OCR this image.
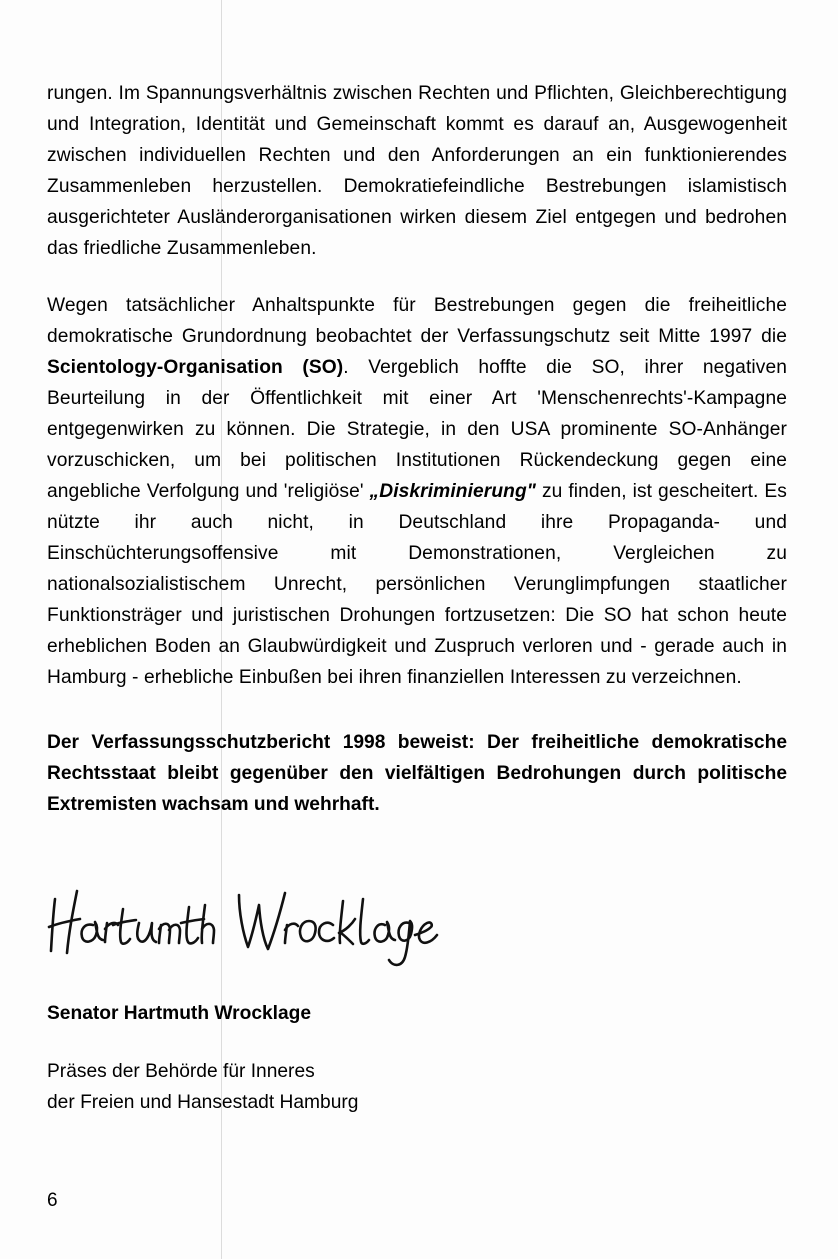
rungen. Im Spannungsverhältnis zwischen Rechten und Pflichten, Gleichberechtigung und Integration, Identität und Gemeinschaft kommt es darauf an, Ausgewogenheit zwischen individuellen Rechten und den Anforderungen an ein funktionierendes Zusammenleben herzustellen. Demokratiefeindliche Bestrebungen islamistisch ausgerichteter Ausländerorganisationen wirken diesem Ziel entgegen und bedrohen das friedliche Zusammenleben.

Wegen tatsächlicher Anhaltspunkte für Bestrebungen gegen die freiheitliche demokratische Grundordnung beobachtet der Verfassungschutz seit Mitte 1997 die Scientology-Organisation (SO). Vergeblich hoffte die SO, ihrer negativen Beurteilung in der Öffentlichkeit mit einer Art 'Menschenrechts'-Kampagne entgegenwirken zu können. Die Strategie, in den USA prominente SO-Anhänger vorzuschicken, um bei politischen Institutionen Rückendeckung gegen eine angebliche Verfolgung und 'religiöse' „Diskriminierung" zu finden, ist gescheitert. Es nützte ihr auch nicht, in Deutschland ihre Propaganda- und Einschüchterungsoffensive mit Demonstrationen, Vergleichen zu nationalsozialistischem Unrecht, persönlichen Verunglimpfungen staatlicher Funktionsträger und juristischen Drohungen fortzusetzen: Die SO hat schon heute erheblichen Boden an Glaubwürdigkeit und Zuspruch verloren und - gerade auch in Hamburg - erhebliche Einbußen bei ihren finanziellen Interessen zu verzeichnen.

Der Verfassungsschutzbericht 1998 beweist: Der freiheitliche demokratische Rechtsstaat bleibt gegenüber den vielfältigen Bedrohungen durch politische Extremisten wachsam und wehrhaft.

Senator Hartmuth Wrocklage
Präses der Behörde für Inneres
der Freien und Hansestadt Hamburg
6
